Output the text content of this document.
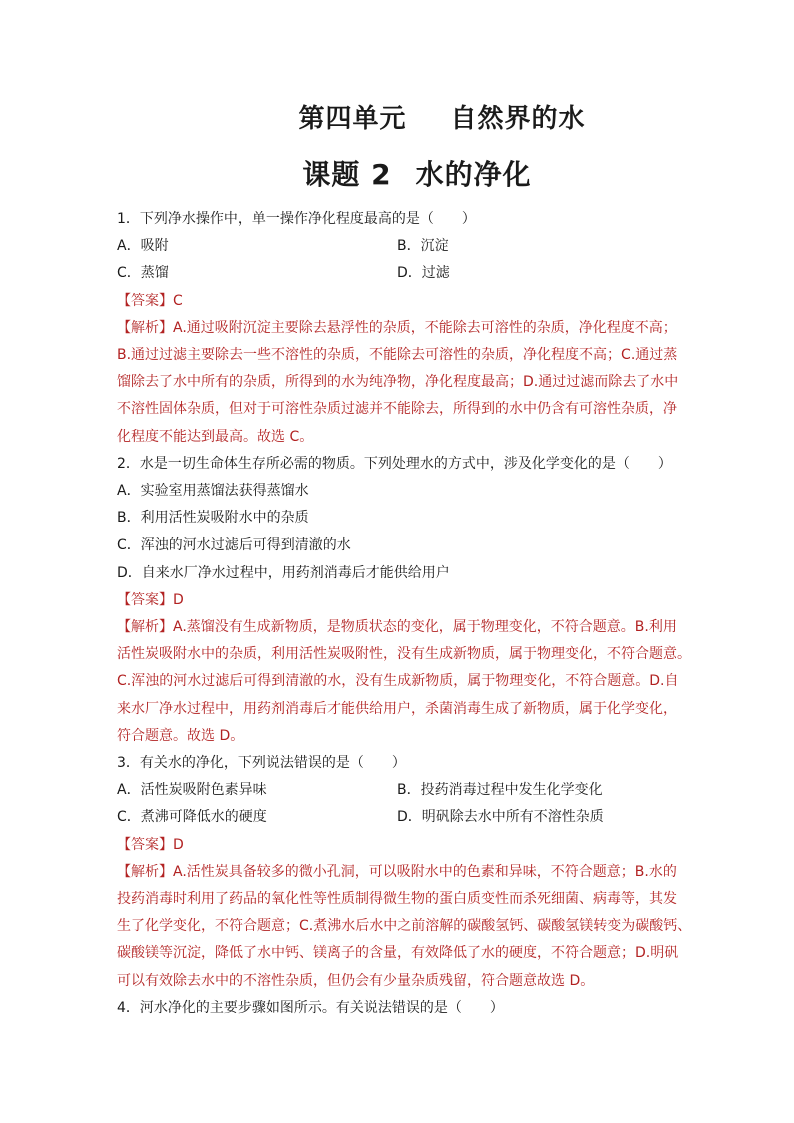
第四单元 自然界的水
课题 2 水的净化
1．下列净水操作中，单一操作净化程度最高的是（　　）
A．吸附	B．沉淀
C．蒸馏	D．过滤
【答案】C
【解析】A.通过吸附沉淀主要除去悬浮性的杂质，不能除去可溶性的杂质，净化程度不高；
B.通过过滤主要除去一些不溶性的杂质，不能除去可溶性的杂质，净化程度不高；C.通过蒸
馏除去了水中所有的杂质，所得到的水为纯净物，净化程度最高；D.通过过滤而除去了水中
不溶性固体杂质，但对于可溶性杂质过滤并不能除去，所得到的水中仍含有可溶性杂质，净
化程度不能达到最高。故选 C。
2．水是一切生命体生存所必需的物质。下列处理水的方式中，涉及化学变化的是（　　）
A．实验室用蒸馏法获得蒸馏水
B．利用活性炭吸附水中的杂质
C．浑浊的河水过滤后可得到清澈的水
D．自来水厂净水过程中，用药剂消毒后才能供给用户
【答案】D
【解析】A.蒸馏没有生成新物质，是物质状态的变化，属于物理变化，不符合题意。B.利用
活性炭吸附水中的杂质，利用活性炭吸附性，没有生成新物质，属于物理变化，不符合题意。
C.浑浊的河水过滤后可得到清澈的水，没有生成新物质，属于物理变化，不符合题意。D.自
来水厂净水过程中，用药剂消毒后才能供给用户，杀菌消毒生成了新物质，属于化学变化，
符合题意。故选 D。
3．有关水的净化，下列说法错误的是（　　）
A．活性炭吸附色素异味	B．投药消毒过程中发生化学变化
C．煮沸可降低水的硬度	D．明矾除去水中所有不溶性杂质
【答案】D
【解析】A.活性炭具备较多的微小孔洞，可以吸附水中的色素和异味，不符合题意；B.水的
投药消毒时利用了药品的氧化性等性质制得微生物的蛋白质变性而杀死细菌、病毒等，其发
生了化学变化，不符合题意；C.煮沸水后水中之前溶解的碳酸氢钙、碳酸氢镁转变为碳酸钙、
碳酸镁等沉淀，降低了水中钙、镁离子的含量，有效降低了水的硬度，不符合题意；D.明矾
可以有效除去水中的不溶性杂质，但仍会有少量杂质残留，符合题意故选 D。
4．河水净化的主要步骤如图所示。有关说法错误的是（　　）
